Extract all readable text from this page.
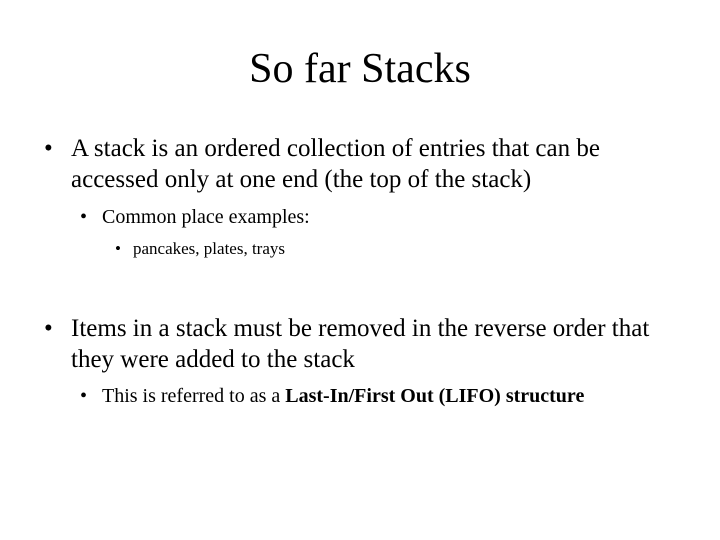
So far Stacks
• A stack is an ordered collection of entries that can be accessed only at one end (the top of the stack)
• Common place examples:
• pancakes, plates, trays
• Items in a stack must be removed in the reverse order that they were added to the stack
• This is referred to as a Last-In/First Out (LIFO) structure
